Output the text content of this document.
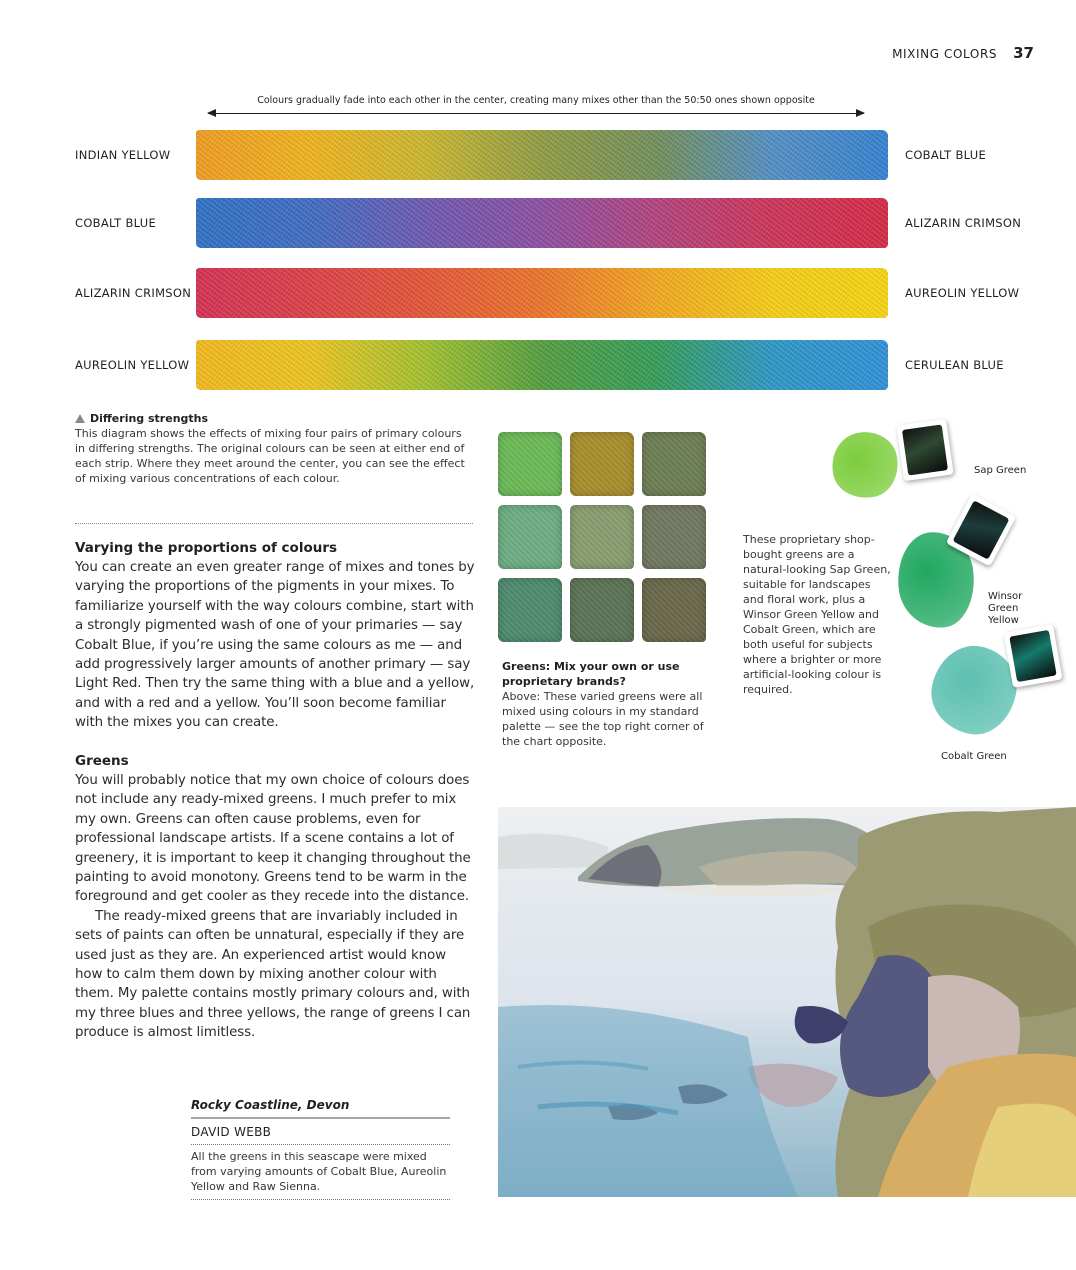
MIXING COLORS 37
Colours gradually fade into each other in the center, creating many mixes other than the 50:50 ones shown opposite
INDIAN YELLOW	COBALT BLUE
COBALT BLUE	ALIZARIN CRIMSON
ALIZARIN CRIMSON	AUREOLIN YELLOW
AUREOLIN YELLOW	CERULEAN BLUE
Differing strengths
This diagram shows the effects of mixing four pairs of primary colours in differing strengths. The original colours can be seen at either end of each strip. Where they meet around the center, you can see the effect of mixing various concentrations of each colour.
Varying the proportions of colours

You can create an even greater range of mixes and tones by varying the proportions of the pigments in your mixes. To familiarize yourself with the way colours combine, start with a strongly pigmented wash of one of your primaries — say Cobalt Blue, if you’re using the same colours as me — and add progressively larger amounts of another primary — say Light Red. Then try the same thing with a blue and a yellow, and with a red and a yellow. You’ll soon become familiar with the mixes you can create.

Greens

You will probably notice that my own choice of colours does not include any ready-mixed greens. I much prefer to mix my own. Greens can often cause problems, even for professional landscape artists. If a scene contains a lot of greenery, it is important to keep it changing throughout the painting to avoid monotony. Greens tend to be warm in the foreground and get cooler as they recede into the distance.

The ready-mixed greens that are invariably included in sets of paints can often be unnatural, especially if they are used just as they are. An experienced artist would know how to calm them down by mixing another colour with them. My palette contains mostly primary colours and, with my three blues and three yellows, the range of greens I can produce is almost limitless.

Greens: Mix your own or use proprietary brands?
Above: These varied greens were all mixed using colours in my standard palette — see the top right corner of the chart opposite.
These proprietary shop-bought greens are a natural-looking Sap Green, suitable for landscapes and floral work, plus a Winsor Green Yellow and Cobalt Green, which are both useful for subjects where a brighter or more artificial-looking colour is required.
Sap Green
Winsor Green Yellow
Cobalt Green
Rocky Coastline, Devon
DAVID WEBB
All the greens in this seascape were mixed from varying amounts of Cobalt Blue, Aureolin Yellow and Raw Sienna.
